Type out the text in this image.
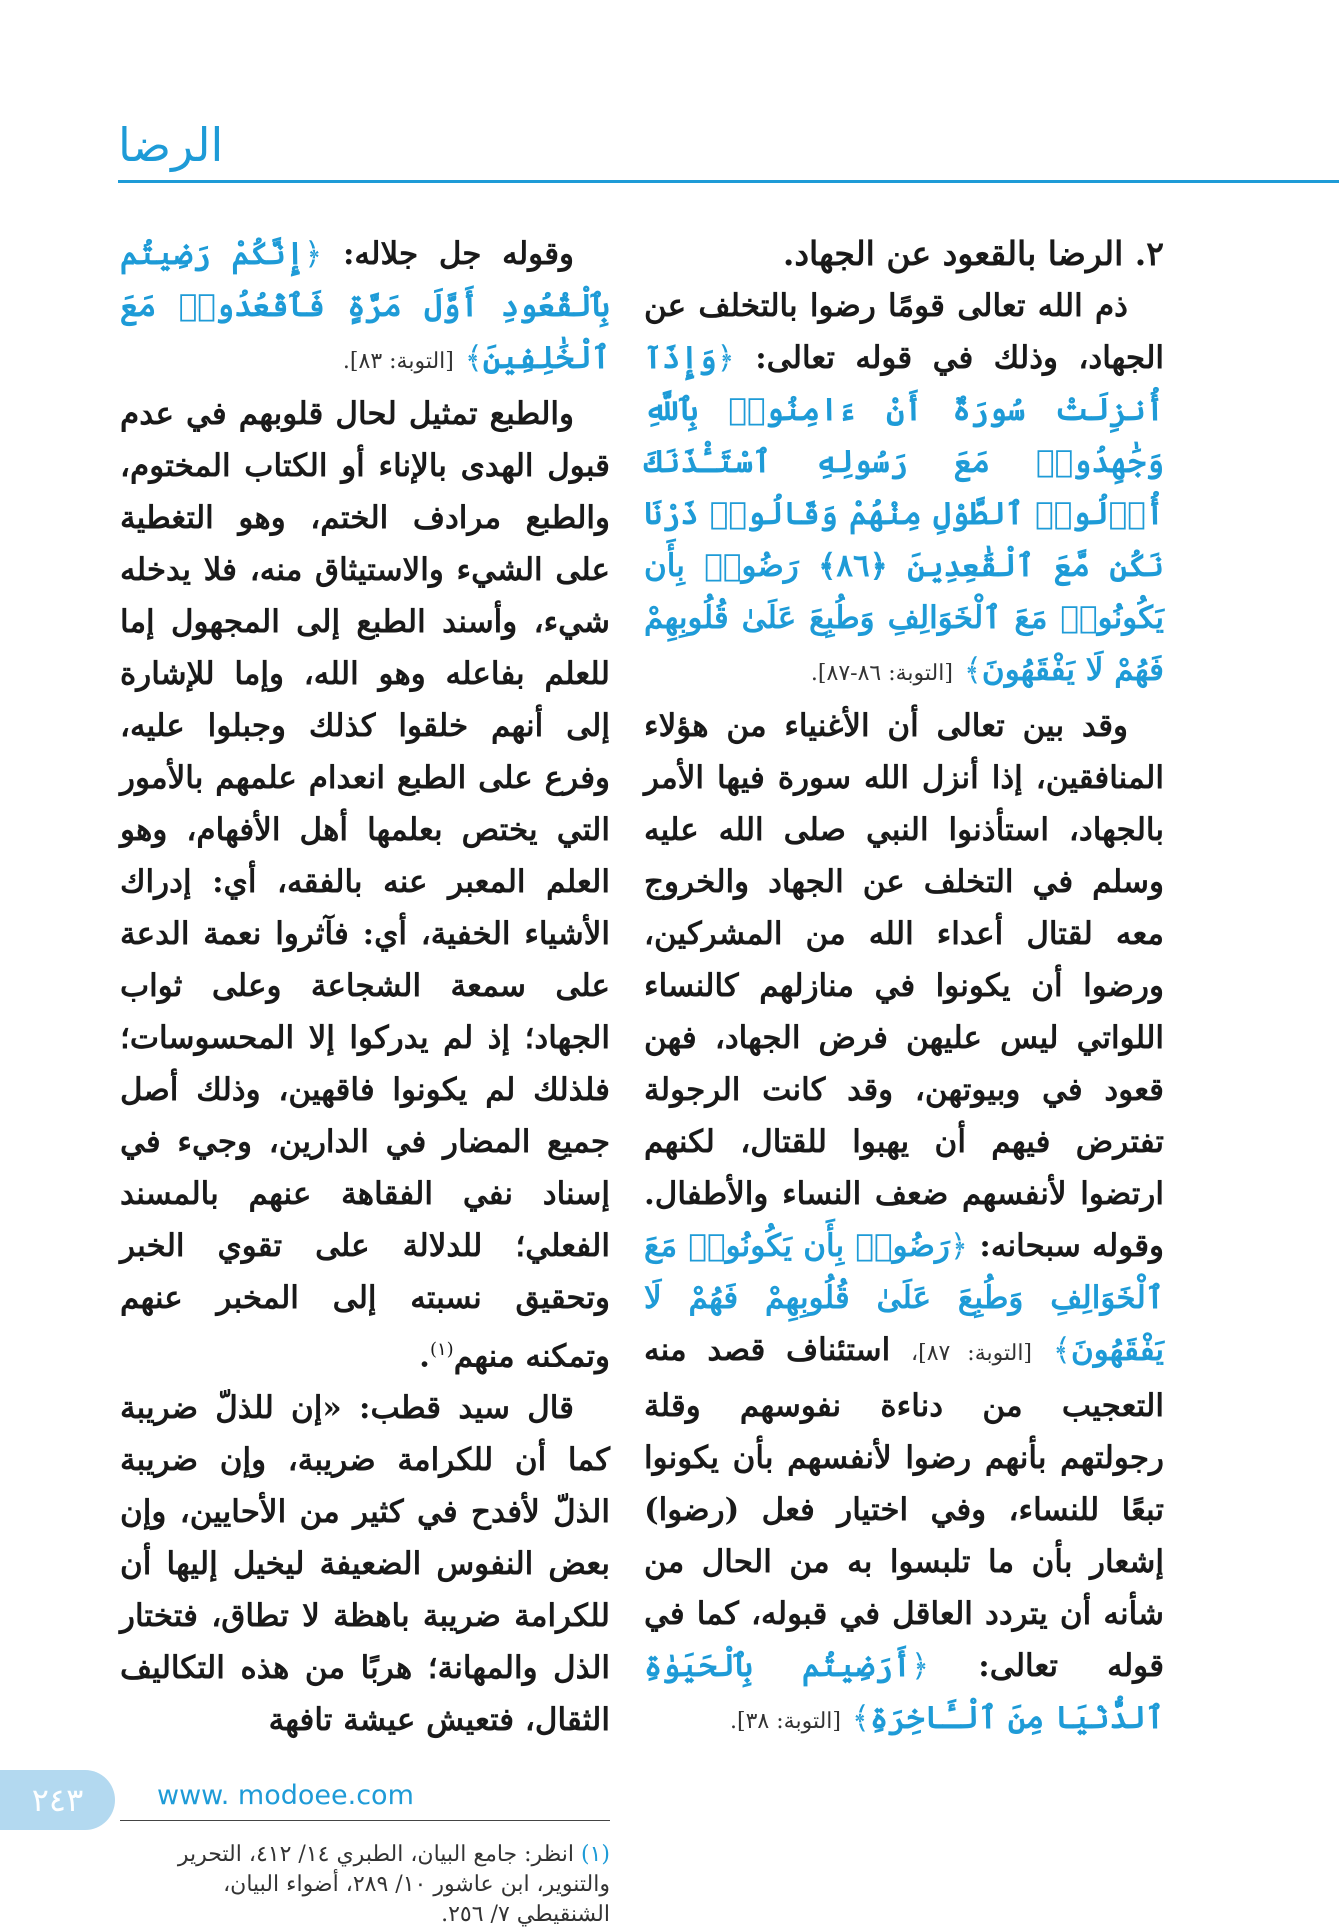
الرضا

٢. الرضا بالقعود عن الجهاد.

ذم الله تعالى قومًا رضوا بالتخلف عن الجهاد، وذلك في قوله تعالى: ﴿وَإِذَآ أُنزِلَتْ سُورَةٌ أَنْ ءَامِنُوا۟ بِٱللَّهِ وَجَٰهِدُوا۟ مَعَ رَسُولِهِ ٱسْتَـْٔذَنَكَ أُو۟لُوا۟ ٱلطَّوْلِ مِنْهُمْ وَقَالُوا۟ ذَرْنَا نَكُن مَّعَ ٱلْقَٰعِدِينَ ﴿٨٦﴾ رَضُوا۟ بِأَن يَكُونُوا۟ مَعَ ٱلْخَوَالِفِ وَطُبِعَ عَلَىٰ قُلُوبِهِمْ فَهُمْ لَا يَفْقَهُونَ﴾ [التوبة: ٨٦-٨٧].

وقد بين تعالى أن الأغنياء من هؤلاء المنافقين، إذا أنزل الله سورة فيها الأمر بالجهاد، استأذنوا النبي صلى الله عليه وسلم في التخلف عن الجهاد والخروج معه لقتال أعداء الله من المشركين، ورضوا أن يكونوا في منازلهم كالنساء اللواتي ليس عليهن فرض الجهاد، فهن قعود في وبيوتهن، وقد كانت الرجولة تفترض فيهم أن يهبوا للقتال، لكنهم ارتضوا لأنفسهم ضعف النساء والأطفال. وقوله سبحانه: ﴿رَضُوا۟ بِأَن يَكُونُوا۟ مَعَ ٱلْخَوَالِفِ وَطُبِعَ عَلَىٰ قُلُوبِهِمْ فَهُمْ لَا يَفْقَهُونَ﴾ [التوبة: ٨٧]، استئناف قصد منه التعجيب من دناءة نفوسهم وقلة رجولتهم بأنهم رضوا لأنفسهم بأن يكونوا تبعًا للنساء، وفي اختيار فعل (رضوا) إشعار بأن ما تلبسوا به من الحال من شأنه أن يتردد العاقل في قبوله، كما في قوله تعالى: ﴿أَرَضِيتُم بِٱلْحَيَوٰةِ ٱلدُّنْيَا مِنَ ٱلْـَٔاخِرَةِ﴾ [التوبة: ٣٨].

وقوله جل جلاله: ﴿إِنَّكُمْ رَضِيتُم بِٱلْقُعُودِ أَوَّلَ مَرَّةٍ فَٱقْعُدُوا۟ مَعَ ٱلْخَٰلِفِينَ﴾ [التوبة: ٨٣].

والطبع تمثيل لحال قلوبهم في عدم قبول الهدى بالإناء أو الكتاب المختوم، والطبع مرادف الختم، وهو التغطية على الشيء والاستيثاق منه، فلا يدخله شيء، وأسند الطبع إلى المجهول إما للعلم بفاعله وهو الله، وإما للإشارة إلى أنهم خلقوا كذلك وجبلوا عليه، وفرع على الطبع انعدام علمهم بالأمور التي يختص بعلمها أهل الأفهام، وهو العلم المعبر عنه بالفقه، أي: إدراك الأشياء الخفية، أي: فآثروا نعمة الدعة على سمعة الشجاعة وعلى ثواب الجهاد؛ إذ لم يدركوا إلا المحسوسات؛ فلذلك لم يكونوا فاقهين، وذلك أصل جميع المضار في الدارين، وجيء في إسناد نفي الفقاهة عنهم بالمسند الفعلي؛ للدلالة على تقوي الخبر وتحقيق نسبته إلى المخبر عنهم وتمكنه منهم$^{(١)}$.

قال سيد قطب: «إن للذلّ ضريبة كما أن للكرامة ضريبة، وإن ضريبة الذلّ لأفدح في كثير من الأحايين، وإن بعض النفوس الضعيفة ليخيل إليها أن للكرامة ضريبة باهظة لا تطاق، فتختار الذل والمهانة؛ هربًا من هذه التكاليف الثقال، فتعيش عيشة تافهة

(١) انظر: جامع البيان، الطبري ١٤/ ٤١٢، التحرير والتنوير، ابن عاشور ١٠/ ٢٨٩، أضواء البيان، الشنقيطي ٧/ ٢٥٦.
٢٤٣	www. modoee.com
